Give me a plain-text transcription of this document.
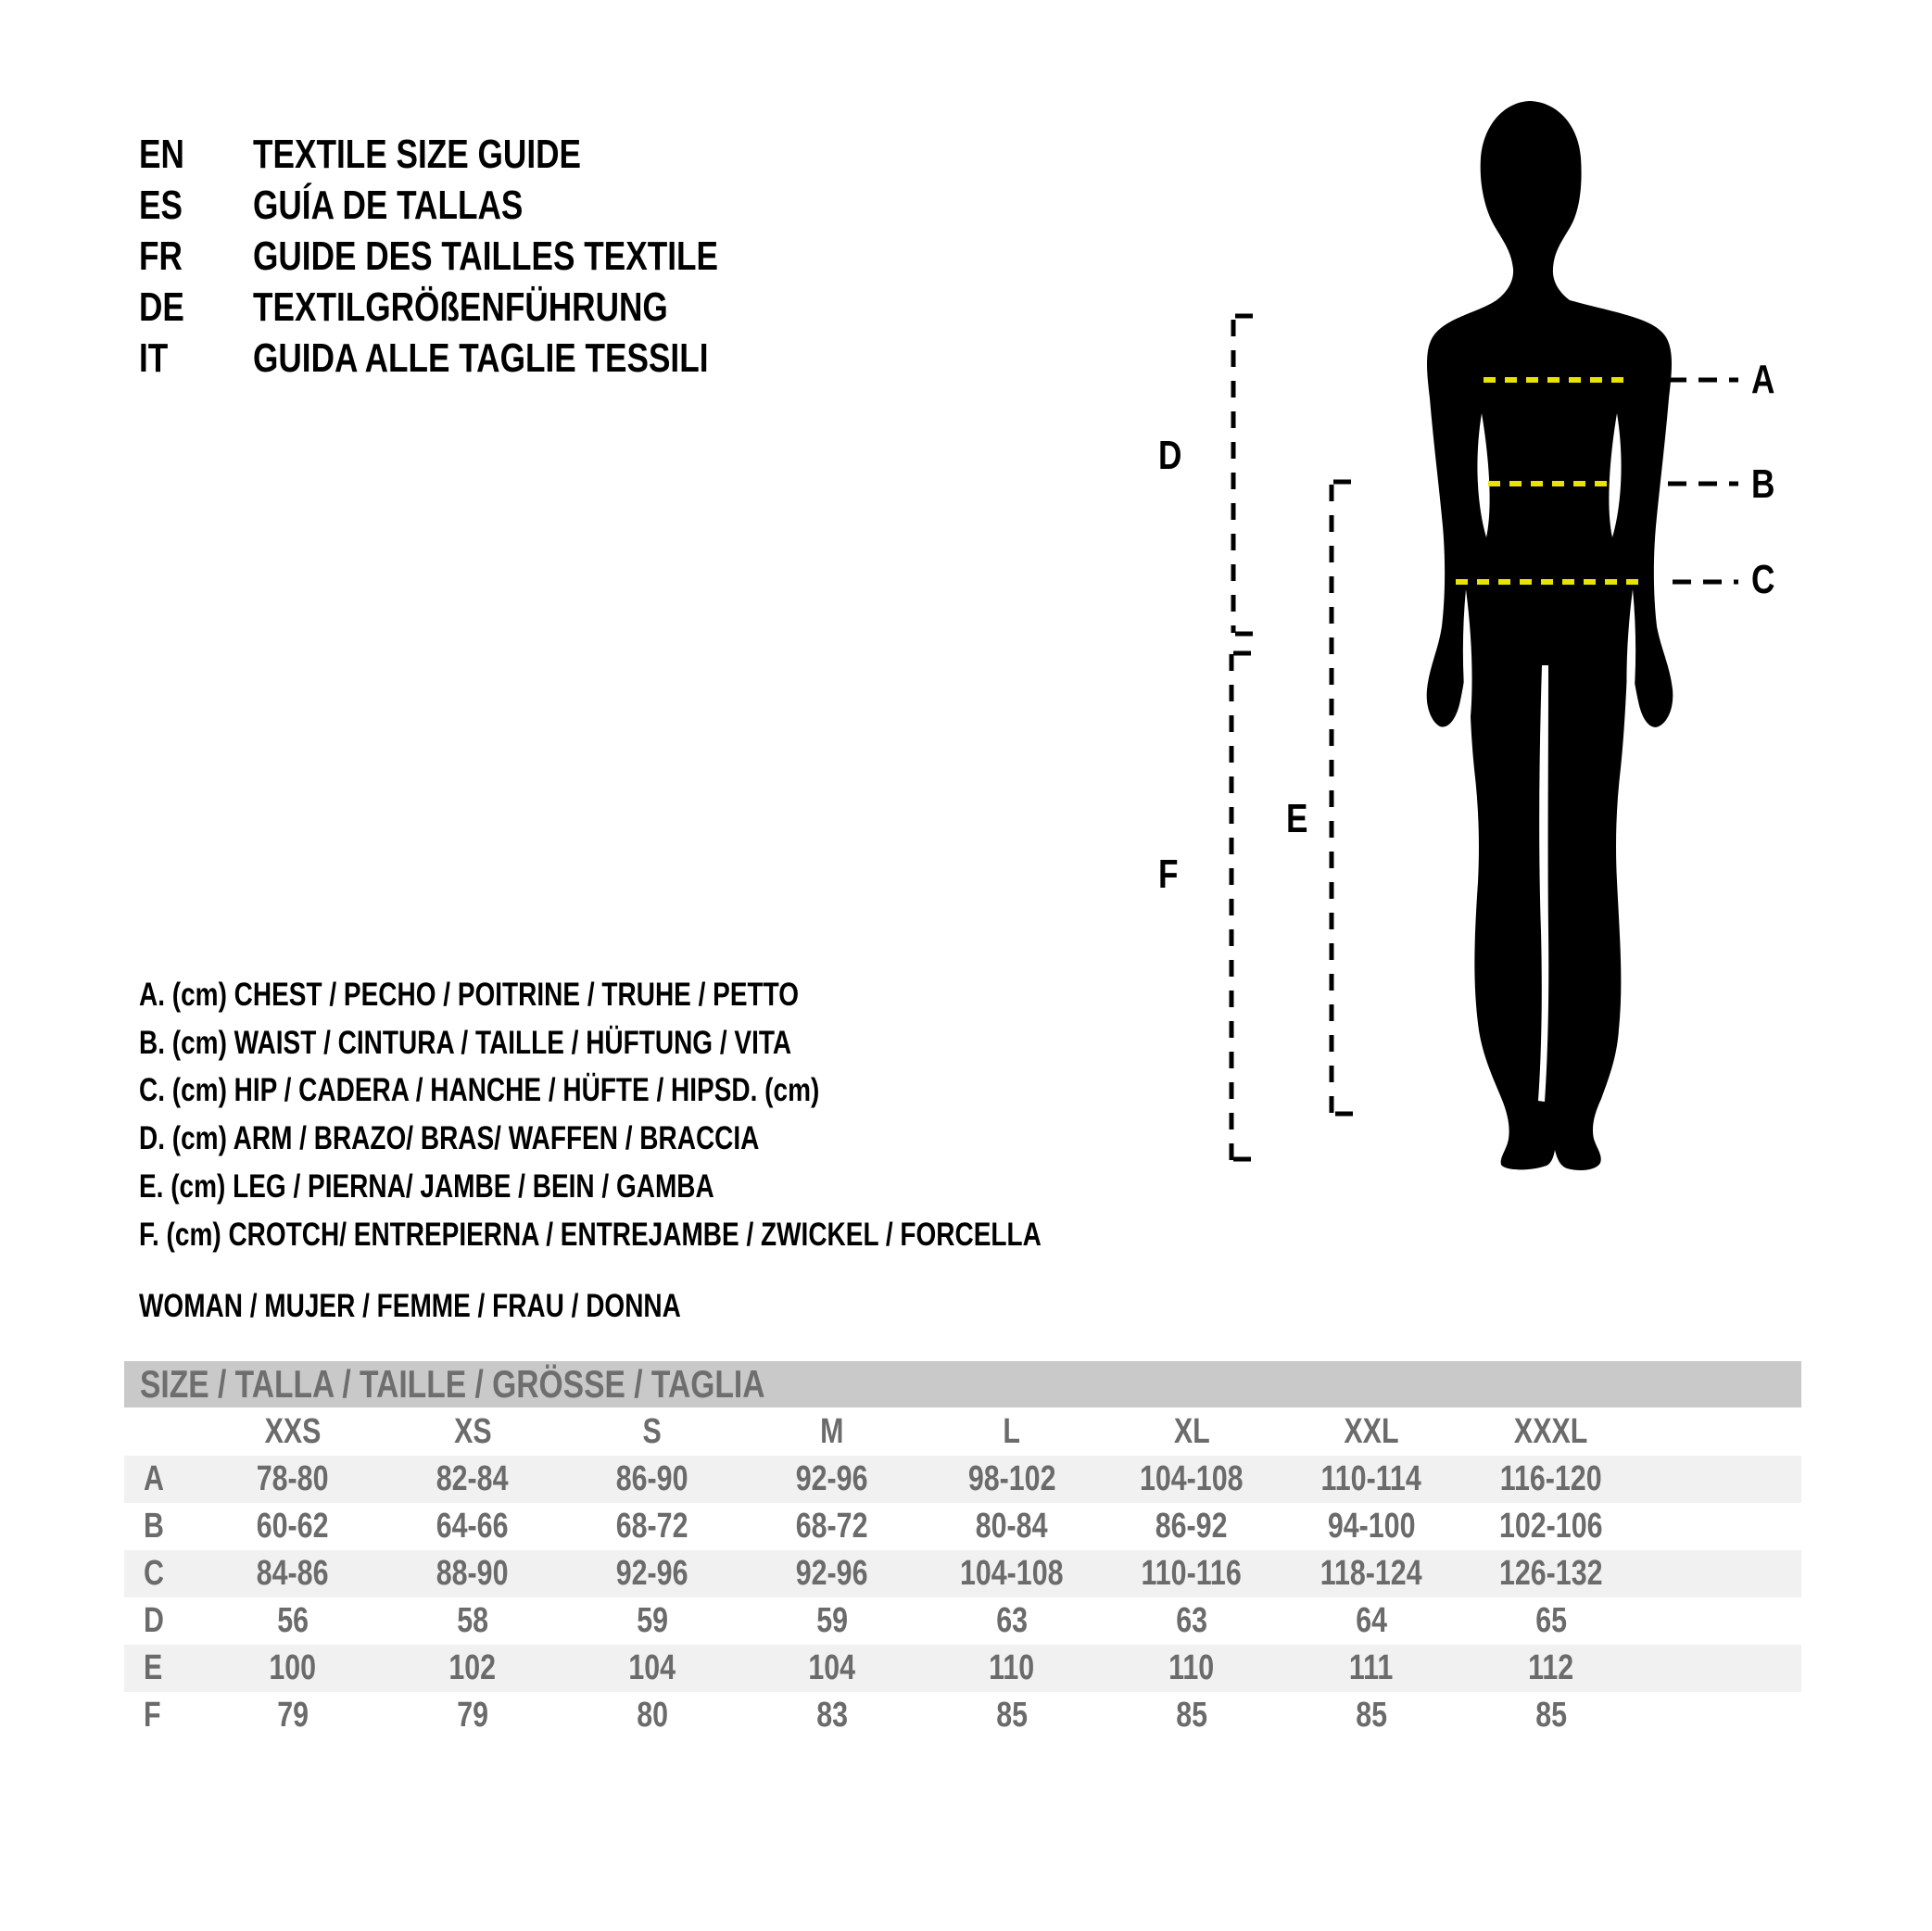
EN TEXTILE SIZE GUIDE
ES GUÍA DE TALLAS
FR GUIDE DES TAILLES TEXTILE
DE TEXTILGRÖßENFÜHRUNG
IT GUIDA ALLE TAGLIE TESSILI	A
B
C
D
E
F
A. (cm) CHEST / PECHO / POITRINE / TRUHE / PETTO
B. (cm) WAIST / CINTURA / TAILLE / HÜFTUNG / VITA
C. (cm) HIP / CADERA / HANCHE / HÜFTE / HIPSD. (cm)
D. (cm) ARM / BRAZO/ BRAS/ WAFFEN / BRACCIA
E. (cm) LEG / PIERNA/ JAMBE / BEIN / GAMBA
F. (cm) CROTCH/ ENTREPIERNA / ENTREJAMBE / ZWICKEL / FORCELLA
WOMAN / MUJER / FEMME / FRAU / DONNA
SIZE / TALLA / TAILLE / GRÖSSE / TAGLIA
XXS	XS	S	M	L	XL	XXL	XXXL
A	78-80	82-84	86-90	92-96	98-102	104-108	110-114	116-120
B	60-62	64-66	68-72	68-72	80-84	86-92	94-100	102-106
C	84-86	88-90	92-96	92-96	104-108	110-116	118-124	126-132
D	56	58	59	59	63	63	64	65
E	100	102	104	104	110	110	111	112
F	79	79	80	83	85	85	85	85
